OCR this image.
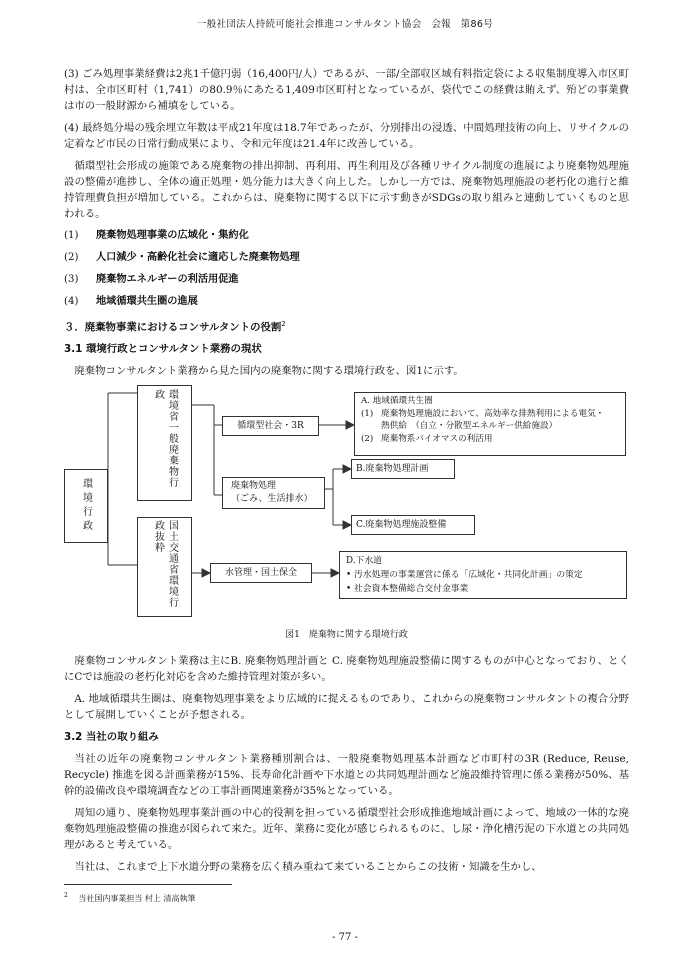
一般社団法人持続可能社会推進コンサルタント協会　会報　第86号

(3) ごみ処理事業経費は2兆1千億円弱（16,400円/人）であるが、一部/全部収区域有料指定袋による収集制度導入市区町村は、全市区町村（1,741）の80.9％にあたる1,409市区町村となっているが、袋代でこの経費は賄えず、殆どの事業費は市の一般財源から補填をしている。

(4) 最終処分場の残余埋立年数は平成21年度は18.7年であったが、分別排出の浸透、中間処理技術の向上、リサイクルの定着など市民の日常行動成果により、令和元年度は21.4年に改善している。

循環型社会形成の施策である廃棄物の排出抑制、再利用、再生利用及び各種リサイクル制度の進展により廃棄物処理施設の整備が進捗し、全体の適正処理・処分能力は大きく向上した。しかし一方では、廃棄物処理施設の老朽化の進行と維持管理費負担が増加している。これからは、廃棄物に関する以下に示す動きがSDGsの取り組みと連動していくものと思われる。

(1) 廃棄物処理事業の広域化・集約化
(2) 人口減少・高齢化社会に適応した廃棄物処理
(3) 廃棄物エネルギーの利活用促進
(4) 地域循環共生圏の進展
３．廃棄物事業におけるコンサルタントの役割$^2$
3.1 環境行政とコンサルタント業務の現状

廃棄物コンサルタント業務から見た国内の廃棄物に関する環境行政を、図1に示す。

環境行政
環境省一般廃棄物行政
循環型社会・3R
廃棄物処理
（ごみ、生活排水）
A. 地域循環共生圏
(1) 廃棄物処理施設において、高効率な排熱利用による電気・
熱供給　（自立・分散型エネルギー供給施設）
(2) 廃棄物系バイオマスの利活用
B.廃棄物処理計画
C.廃棄物処理施設整備
国土交通省環境行政抜粋
水管理・国土保全
D.下水道
• 汚水処理の事業運営に係る「広域化・共同化計画」の策定
• 社会資本整備総合交付金事業
図1　廃棄物に関する環境行政

廃棄物コンサルタント業務は主にB. 廃棄物処理計画と C. 廃棄物処理施設整備に関するものが中心となっており、とくにCでは施設の老朽化対応を含めた維持管理対策が多い。

A. 地域循環共生圏は、廃棄物処理事業をより広域的に捉えるものであり、これからの廃棄物コンサルタントの複合分野として展開していくことが予想される。

3.2 当社の取り組み

当社の近年の廃棄物コンサルタント業務種別割合は、一般廃棄物処理基本計画など市町村の3R (Reduce, Reuse, Recycle) 推進を図る計画業務が15%、長寿命化計画や下水道との共同処理計画など施設維持管理に係る業務が50%、基幹的設備改良や環境調査などの工事計画関連業務が35%となっている。

周知の通り、廃棄物処理事業計画の中心的役割を担っている循環型社会形成推進地域計画によって、地域の一体的な廃棄物処理施設整備の推進が図られて来た。近年、業務に変化が感じられるものに、し尿・浄化槽汚泥の下水道との共同処理があると考えている。

当社は、これまで上下水道分野の業務を広く積み重ねて来ていることからこの技術・知識を生かし、

$^2$ 当社国内事業担当 村上 清高執筆
- 77 -
